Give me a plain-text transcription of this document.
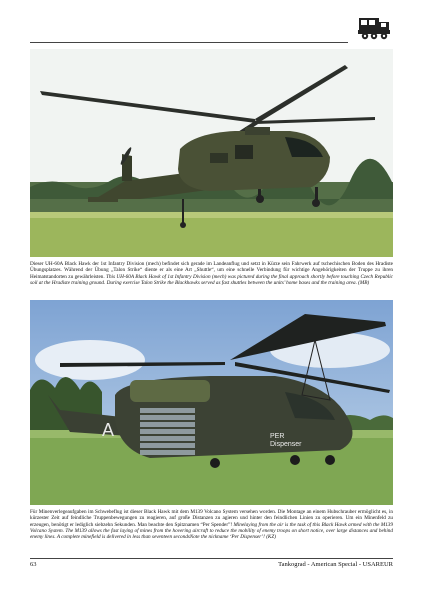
Dieser UH-60A Black Hawk der 1st Infantry Division (mech) befindet sich gerade im Landeanflug und setzt in Kürze sein Fahrwerk auf tschechischen Boden des Hradiste Übungsplatzes. Während der Übung „Talon Strike“ diente er als eine Art „Shuttle“, um eine schnelle Verbindung für wichtige Angehörigkeiten der Truppe zu ihren Heimatstandorten zu gewährleisten. This UH-60A Black Hawk of 1st Infantry Division (mech) was pictured during the final approach shortly before touching Czech Republic soil at the Hradiste training ground. During exercise Talon Strike the Blackhawks served as fast shuttles between the units’ home bases and the training area. (MB)
A	PER
Dispenser
Für Minenverlegeaufgaben im Schwebeflug ist dieser Black Hawk mit dem M139 Volcano System versehen worden. Die Montage an einem Hubschrauber ermöglicht es, in kürzester Zeit auf feindliche Truppenbewegungen zu reagieren, auf große Distanzen zu agieren und hinter den feindlichen Linien zu operieren. Um ein Minenfeld zu erzeugen, benötigt er lediglich siebzehn Sekunden. Man beachte den Spitznamen “Per Spender”! Minelaying from the air is the task of this Black Hawk armed with the M139 Volcano System. The M139 allows the fast laying of mines from the hovering aircraft to reduce the mobility of enemy troops on short notice, over large distances and behind enemy lines. A complete minefield is delivered in less than seventeen secondsNote the nickname ‘Per Dispenser’! (KZ)
63	Tankograd - American Special - USAREUR
